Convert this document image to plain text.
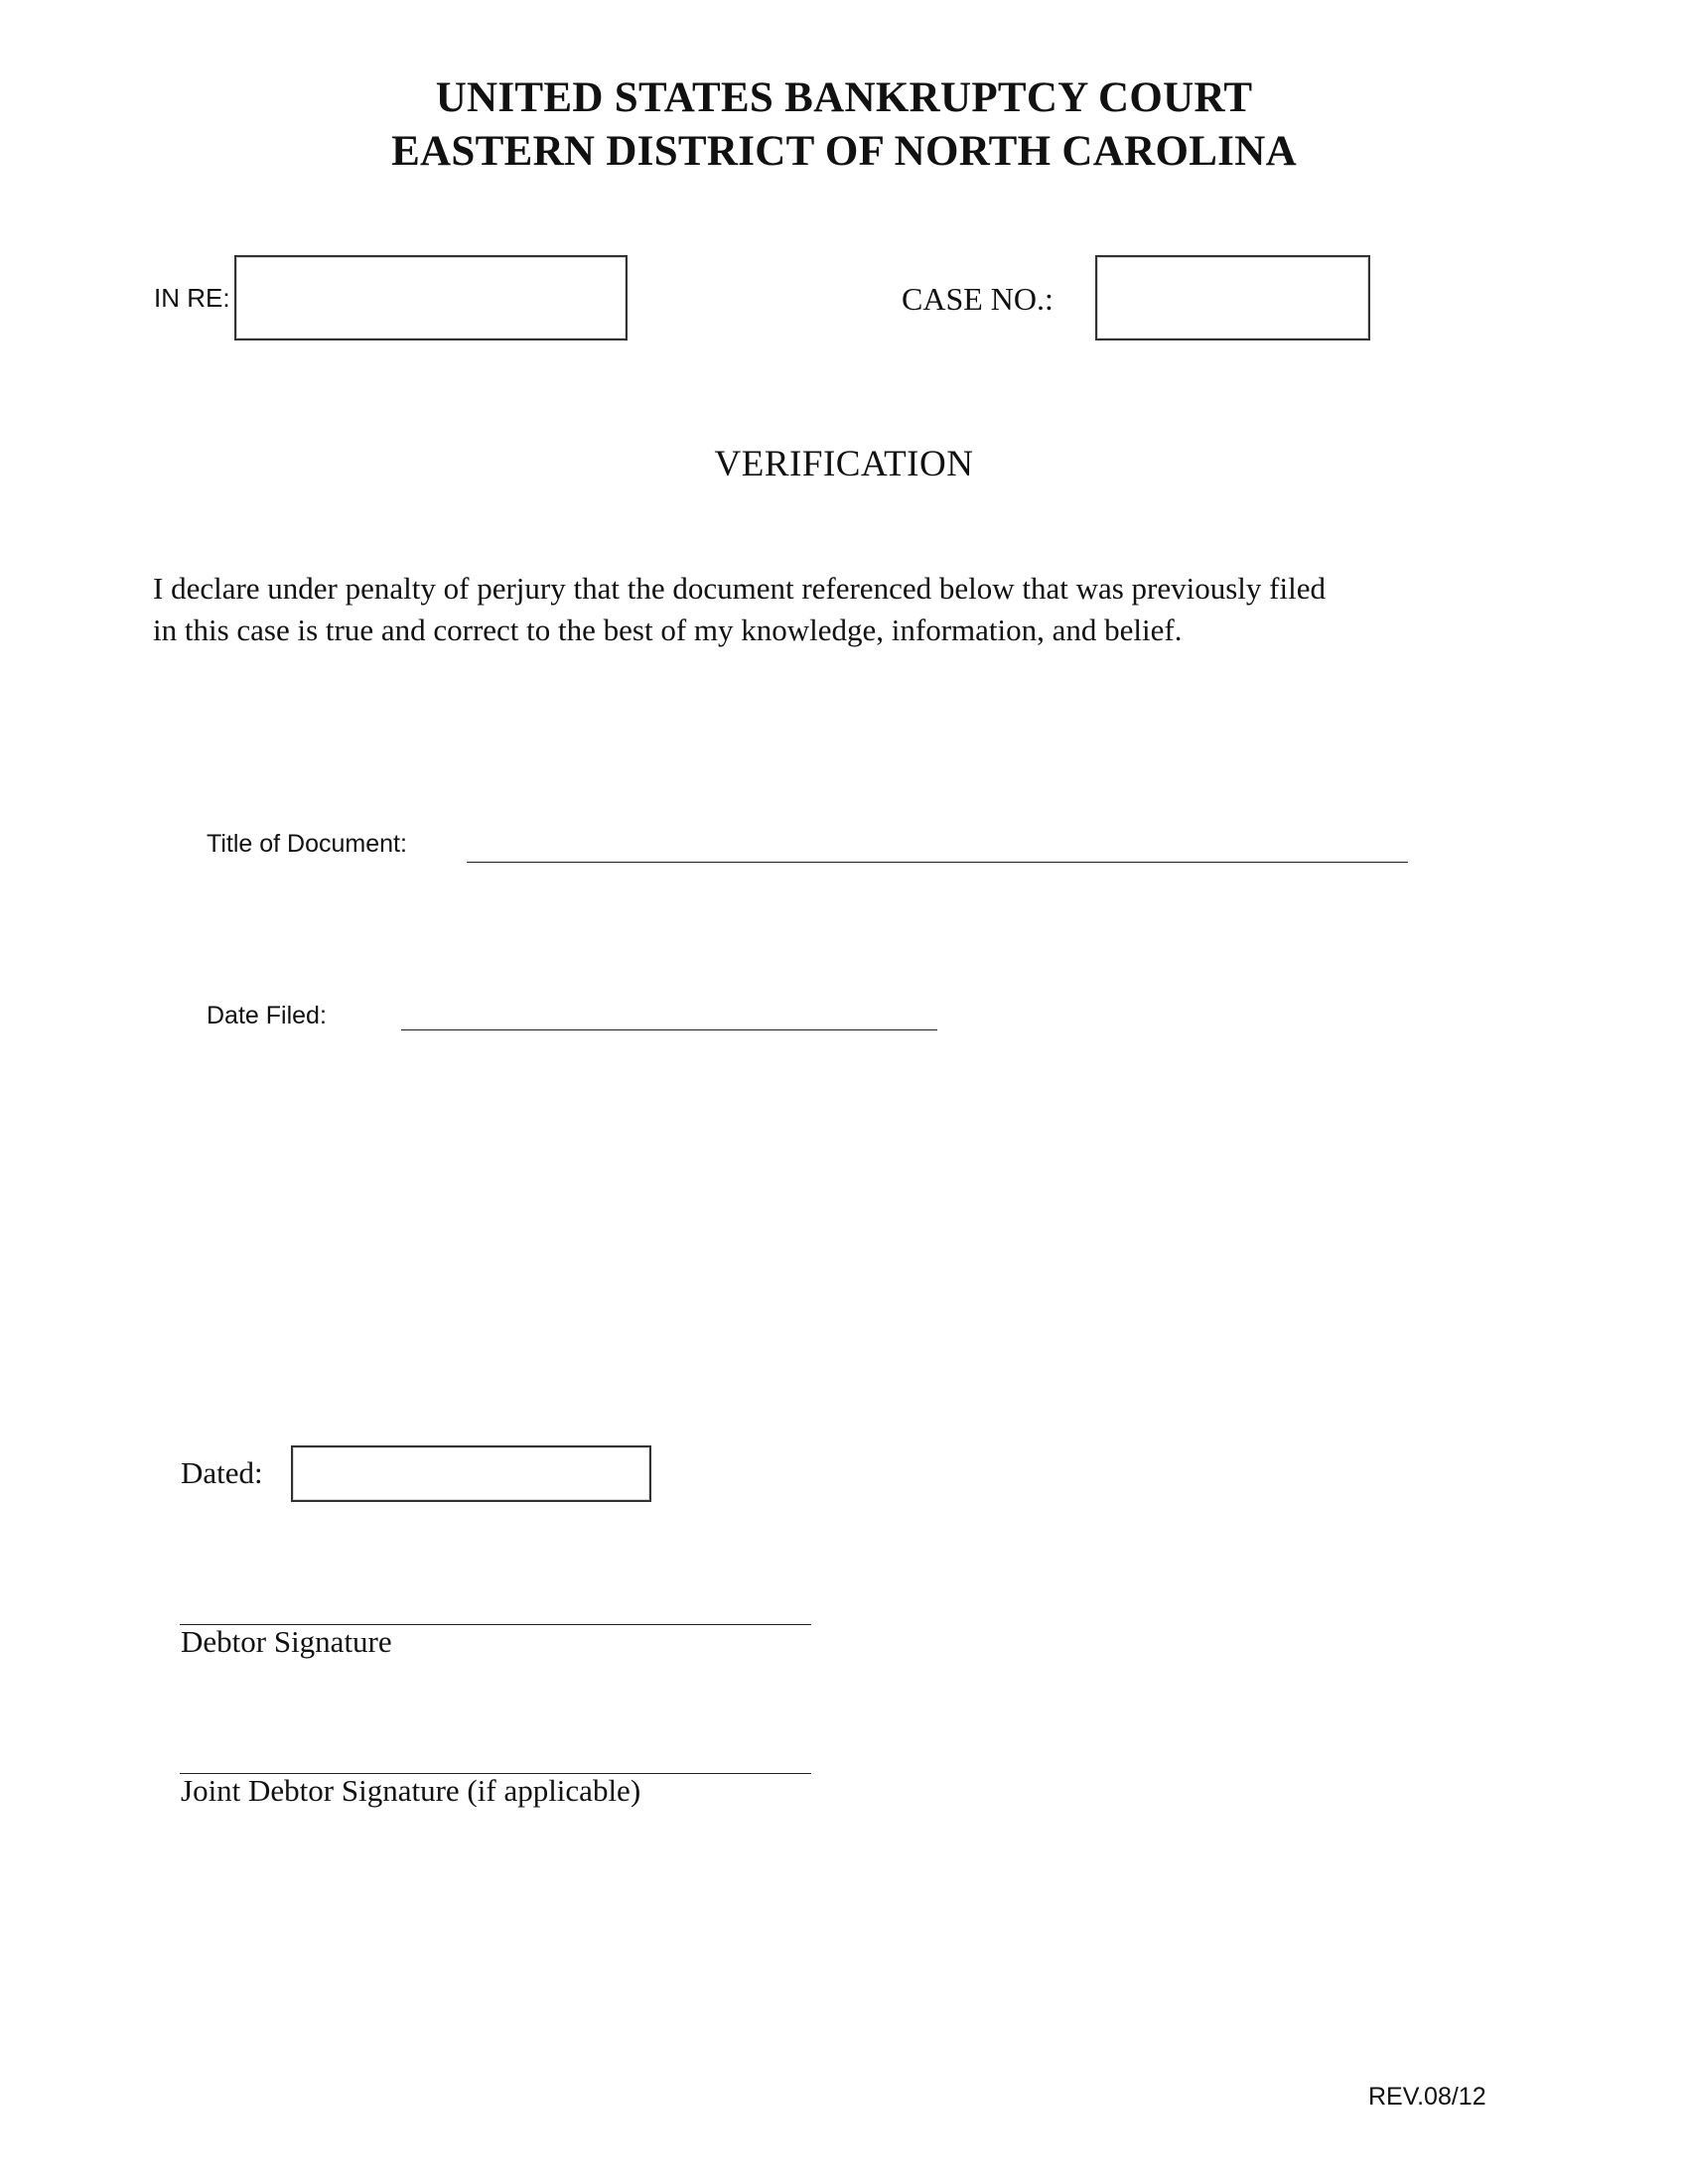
UNITED STATES BANKRUPTCY COURT
EASTERN DISTRICT OF NORTH CAROLINA
IN RE:	CASE NO.:
VERIFICATION
I declare under penalty of perjury that the document referenced below that was previously filed
in this case is true and correct to the best of my knowledge, information, and belief.
Title of Document:
Date Filed:
Dated:
Debtor Signature
Joint Debtor Signature (if applicable)
REV.08/12
